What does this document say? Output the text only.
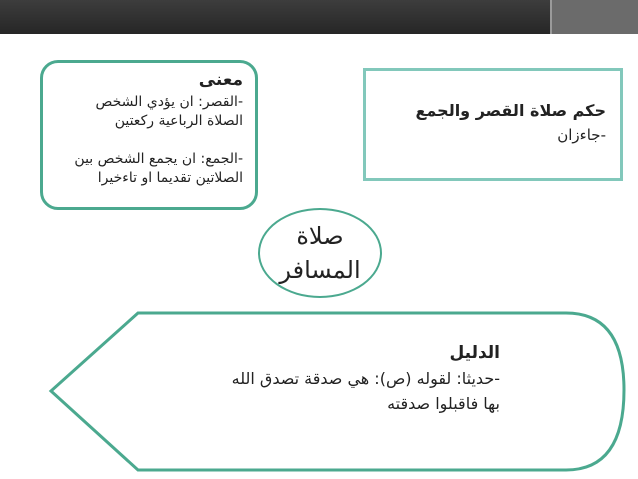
معنى
-القصر: ان يؤدي الشخص
الصلاة الرباعية ركعتين
-الجمع: ان يجمع الشخص بين
الصلاتين تقديما او تاءخيرا
حكم صلاة القصر والجمع
-جاءزان
صلاة
المسافر
الدليل
-حديثا: لقوله (ص): هي صدقة تصدق الله
بها فاقبلوا صدقته
